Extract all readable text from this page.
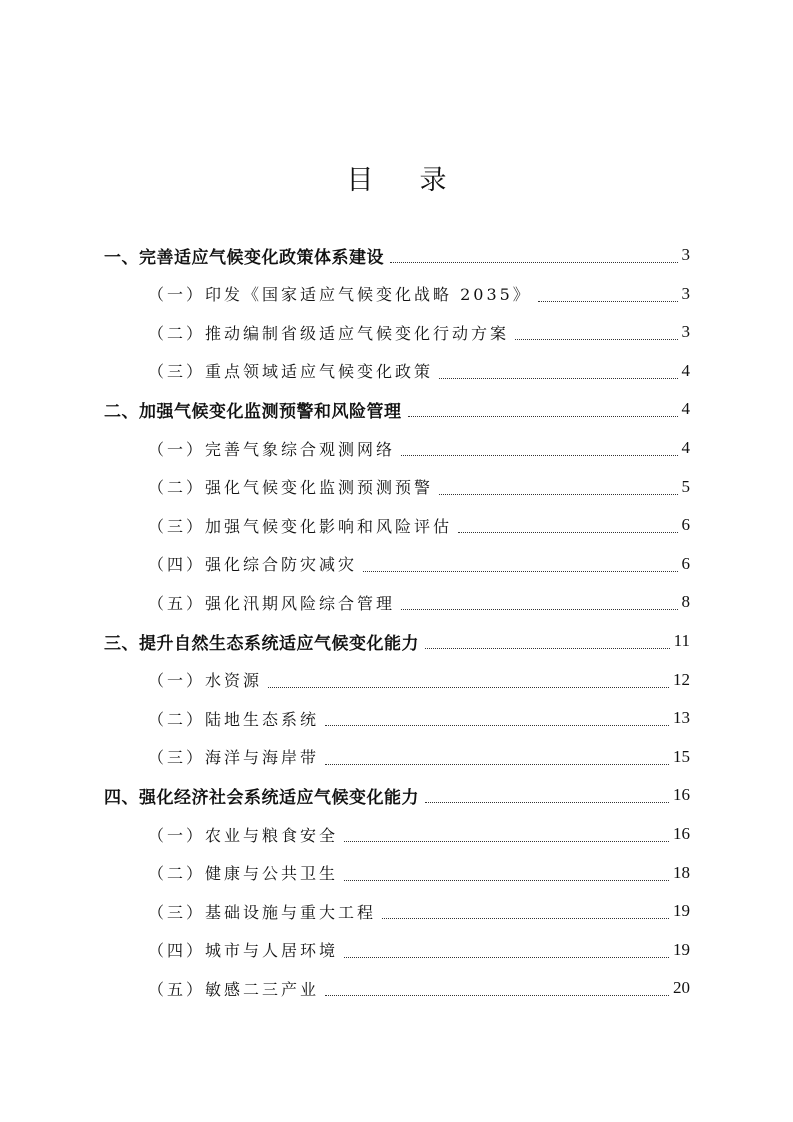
目 录
一、完善适应气候变化政策体系建设	3
（一）印发《国家适应气候变化战略 2035》	3
（二）推动编制省级适应气候变化行动方案	3
（三）重点领域适应气候变化政策	4
二、加强气候变化监测预警和风险管理	4
（一）完善气象综合观测网络	4
（二）强化气候变化监测预测预警	5
（三）加强气候变化影响和风险评估	6
（四）强化综合防灾减灾	6
（五）强化汛期风险综合管理	8
三、提升自然生态系统适应气候变化能力	11
（一）水资源	12
（二）陆地生态系统	13
（三）海洋与海岸带	15
四、强化经济社会系统适应气候变化能力	16
（一）农业与粮食安全	16
（二）健康与公共卫生	18
（三）基础设施与重大工程	19
（四）城市与人居环境	19
（五）敏感二三产业	20
